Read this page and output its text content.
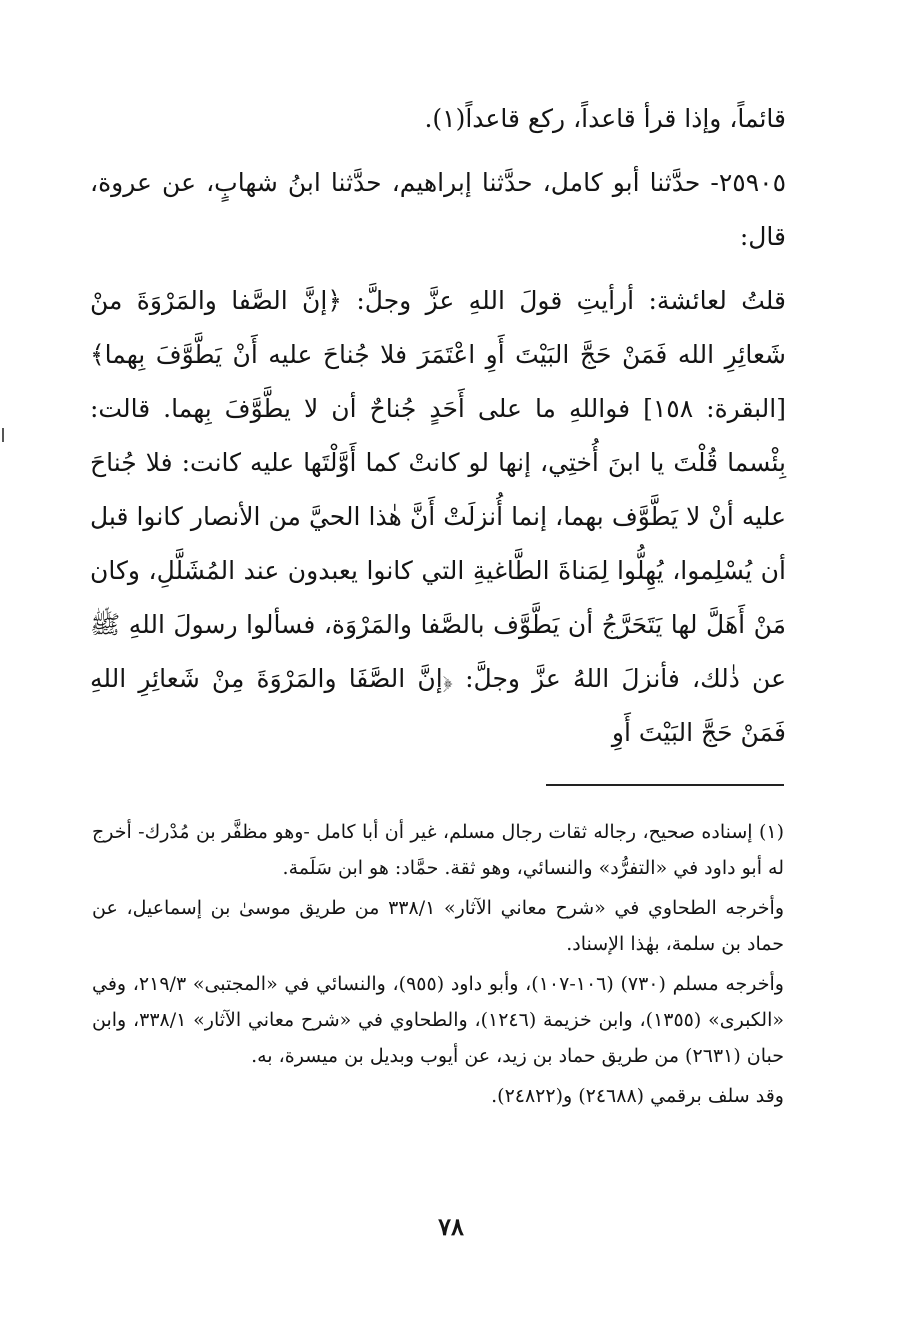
قائماً، وإذا قرأ قاعداً، ركع قاعداً(١).

٢٥٩٠٥- حدَّثنا أبو كامل، حدَّثنا إبراهيم، حدَّثنا ابنُ شهابٍ، عن عروة، قال:

قلتُ لعائشة: أرأيتِ قولَ اللهِ عزَّ وجلَّ: ﴿إنَّ الصَّفا والمَرْوَةَ منْ شَعائِرِ الله فَمَنْ حَجَّ البَيْتَ أَوِ اعْتَمَرَ فلا جُناحَ عليه أَنْ يَطَّوَّفَ بِهما﴾ [البقرة: ١٥٨] فواللهِ ما على أَحَدٍ جُناحٌ أن لا يطَّوَّفَ بِهما. قالت: بِئْسما قُلْتَ يا ابنَ أُختِي، إنها لو كانتْ كما أَوَّلْتَها عليه كانت: فلا جُناحَ عليه أنْ لا يَطَّوَّف بهما، إنما أُنزلَتْ أَنَّ هٰذا الحيَّ من الأنصار كانوا قبل أن يُسْلِموا، يُهِلُّوا لِمَناةَ الطَّاغيةِ التي كانوا يعبدون عند المُشَلَّلِ، وكان مَنْ أَهَلَّ لها يَتَحَرَّجُ أن يَطَّوَّف بالصَّفا والمَرْوَة، فسألوا رسولَ اللهِ ﷺ عن ذٰلك، فأنزلَ اللهُ عزَّ وجلَّ: ﴿إنَّ الصَّفَا والمَرْوَةَ مِنْ شَعائِرِ اللهِ فَمَنْ حَجَّ البَيْتَ أَوِ

(١) إسناده صحيح، رجاله ثقات رجال مسلم، غير أن أبا كامل -وهو مظفَّر بن مُدْرك- أخرج له أبو داود في «التفرُّد» والنسائي، وهو ثقة. حمَّاد: هو ابن سَلَمة.

وأخرجه الطحاوي في «شرح معاني الآثار» ٣٣٨/١ من طريق موسىٰ بن إسماعيل، عن حماد بن سلمة، بهٰذا الإسناد.

وأخرجه مسلم (٧٣٠) (١٠٦-١٠٧)، وأبو داود (٩٥٥)، والنسائي في «المجتبى» ٢١٩/٣، وفي «الكبرى» (١٣٥٥)، وابن خزيمة (١٢٤٦)، والطحاوي في «شرح معاني الآثار» ٣٣٨/١، وابن حبان (٢٦٣١) من طريق حماد بن زيد، عن أيوب وبديل بن ميسرة، به.

وقد سلف برقمي (٢٤٦٨٨) و(٢٤٨٢٢).

٧٨
